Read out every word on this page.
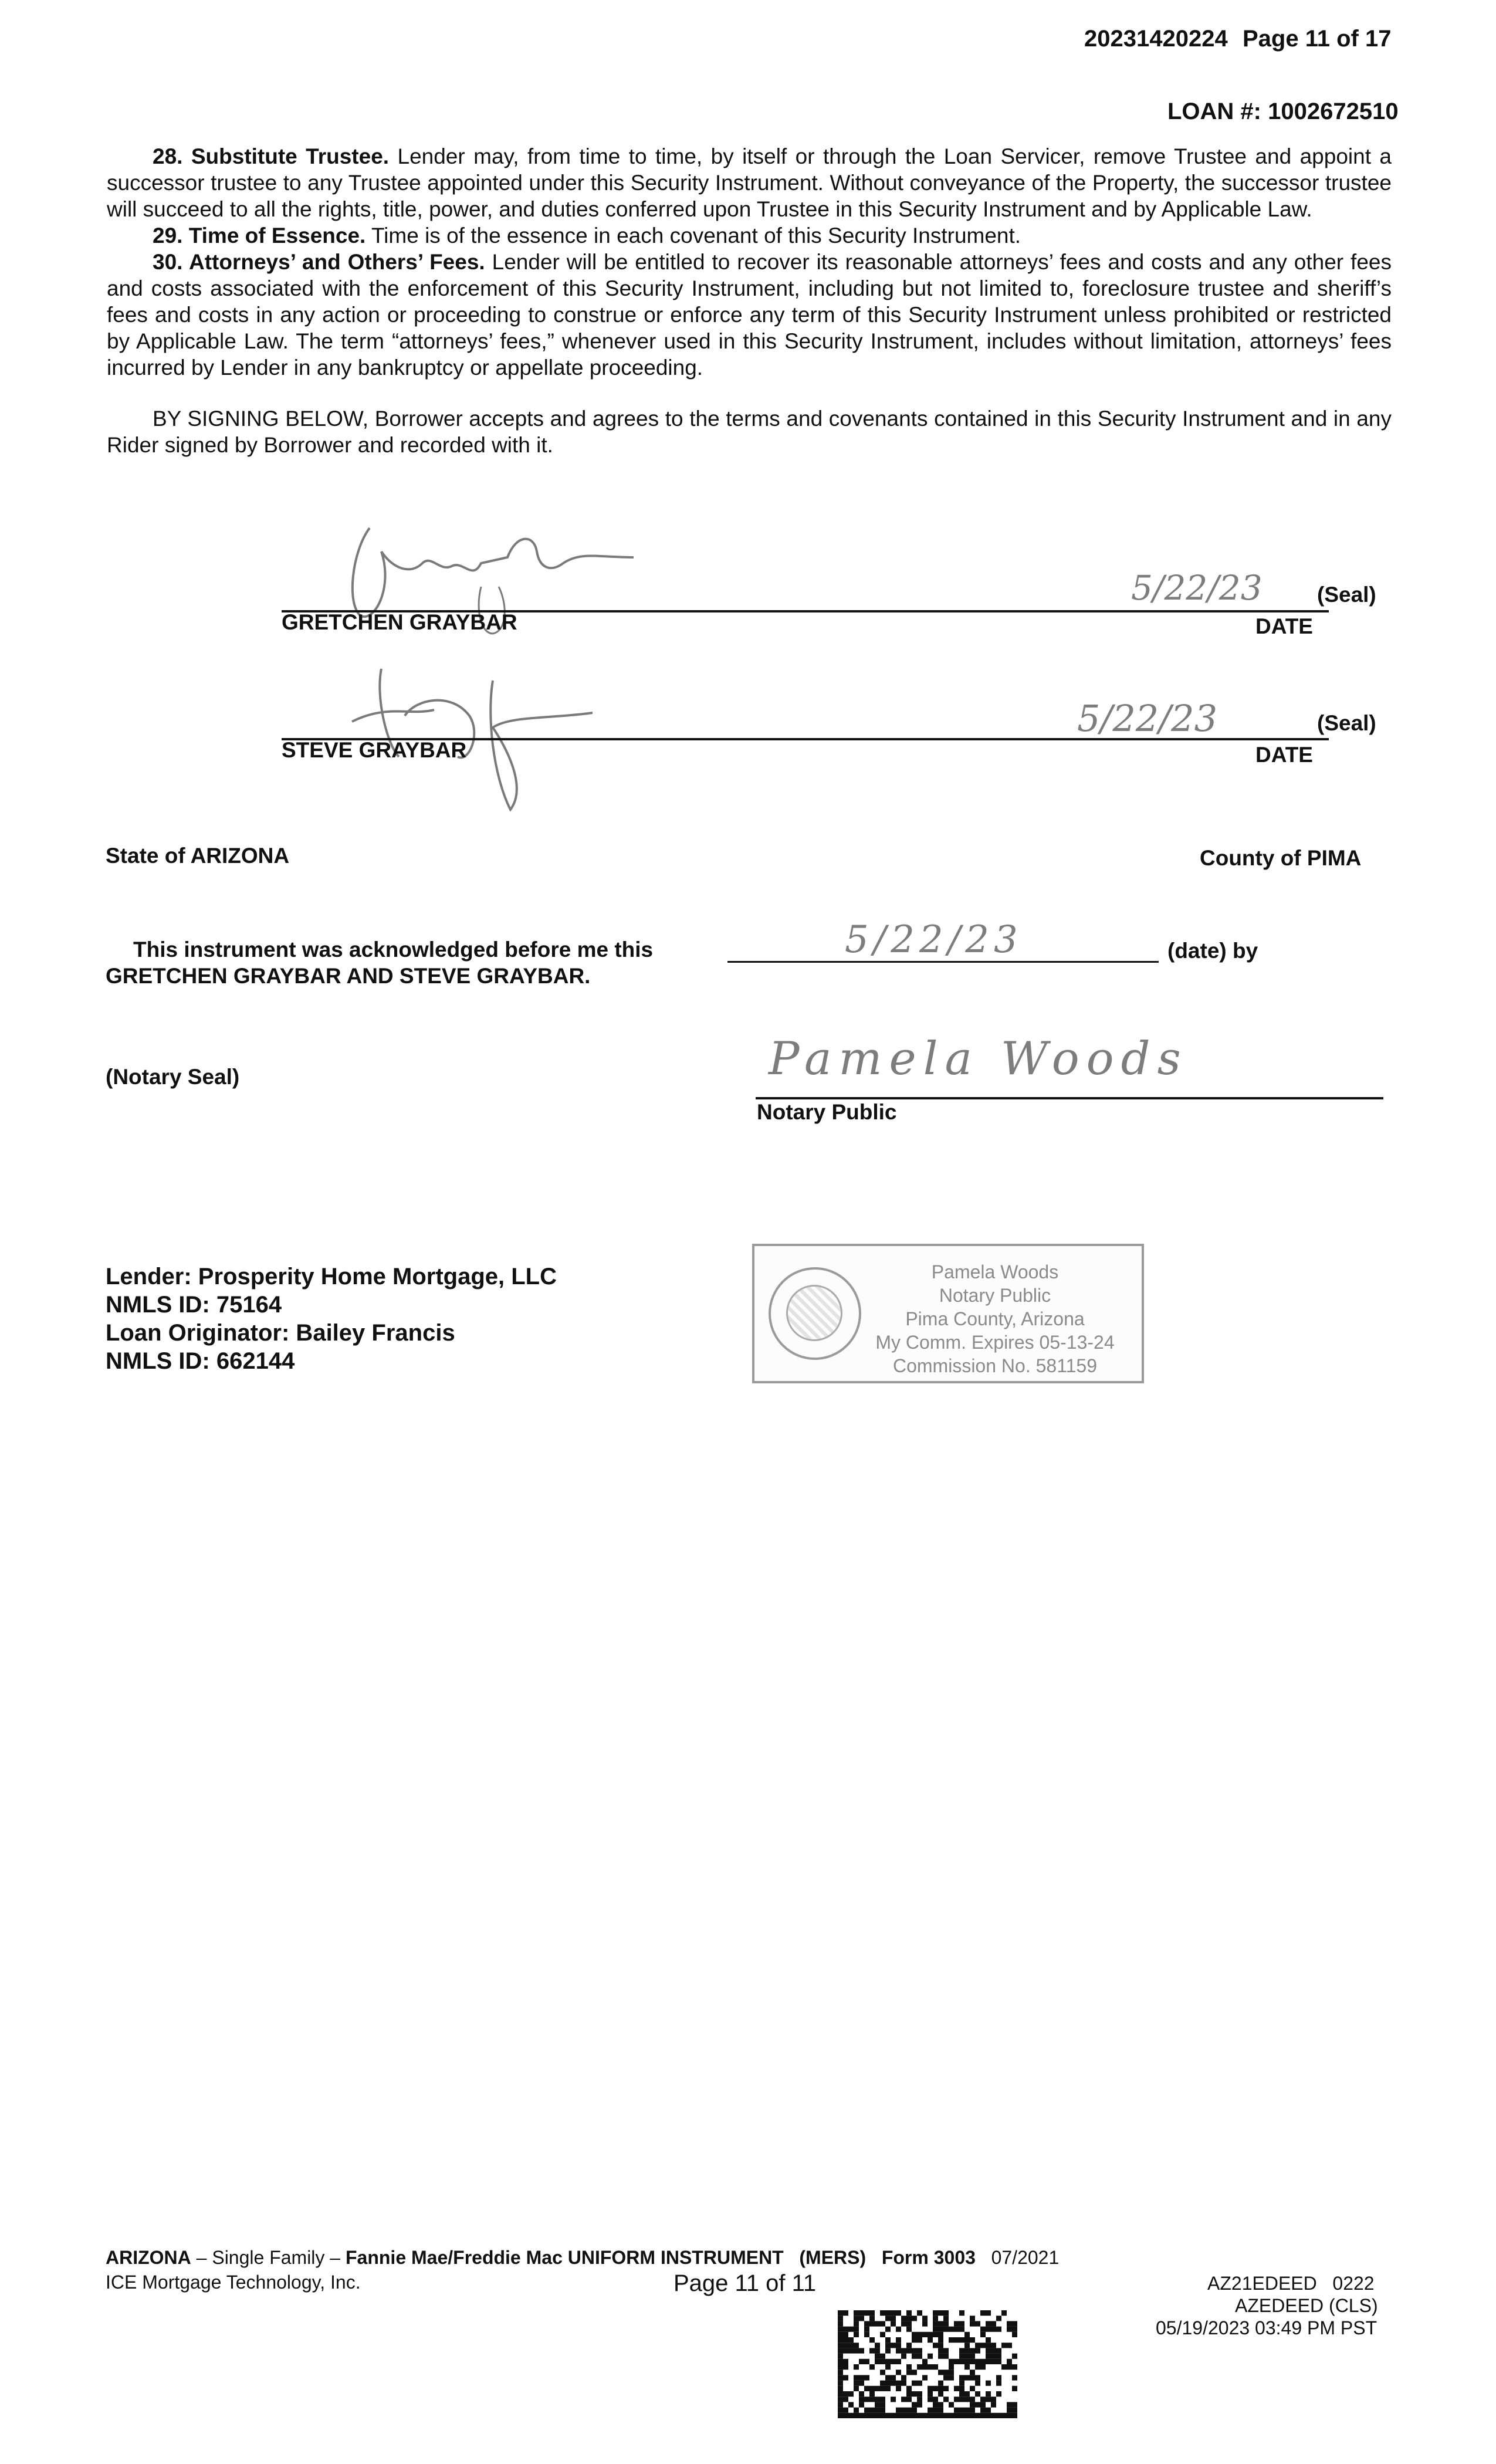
20231420224 Page 11 of 17
LOAN #: 1002672510

28. Substitute Trustee. Lender may, from time to time, by itself or through the Loan Servicer, remove Trustee and appoint a successor trustee to any Trustee appointed under this Security Instrument. Without conveyance of the Property, the successor trustee will succeed to all the rights, title, power, and duties conferred upon Trustee in this Security Instrument and by Applicable Law.

29. Time of Essence. Time is of the essence in each covenant of this Security Instrument.

30. Attorneys’ and Others’ Fees. Lender will be entitled to recover its reasonable attorneys’ fees and costs and any other fees and costs associated with the enforcement of this Security Instrument, including but not limited to, foreclosure trustee and sheriff’s fees and costs in any action or proceeding to construe or enforce any term of this Security Instrument unless prohibited or restricted by Applicable Law. The term “attorneys’ fees,” whenever used in this Security Instrument, includes without limitation, attorneys’ fees incurred by Lender in any bankruptcy or appellate proceeding.

BY SIGNING BELOW, Borrower accepts and agrees to the terms and covenants contained in this Security Instrument and in any Rider signed by Borrower and recorded with it.

5/22/23	(Seal)
GRETCHEN GRAYBAR	DATE
5/22/23	(Seal)
STEVE GRAYBAR	DATE
State of ARIZONA	County of PIMA
This instrument was acknowledged before me this	5/22/23	(date) by
GRETCHEN GRAYBAR AND STEVE GRAYBAR.
(Notary Seal)	Pamela Woods
Notary Public
Pamela Woods
Notary Public
Pima County, Arizona
My Comm. Expires 05-13-24
Commission No. 581159
Lender: Prosperity Home Mortgage, LLC
NMLS ID: 75164
Loan Originator: Bailey Francis
NMLS ID: 662144
ARIZONA – Single Family – Fannie Mae/Freddie Mac UNIFORM INSTRUMENT (MERS) Form 3003 07/2021
ICE Mortgage Technology, Inc.	Page 11 of 11	AZ21EDEED 0222
AZEDEED (CLS)
05/19/2023 03:49 PM PST
